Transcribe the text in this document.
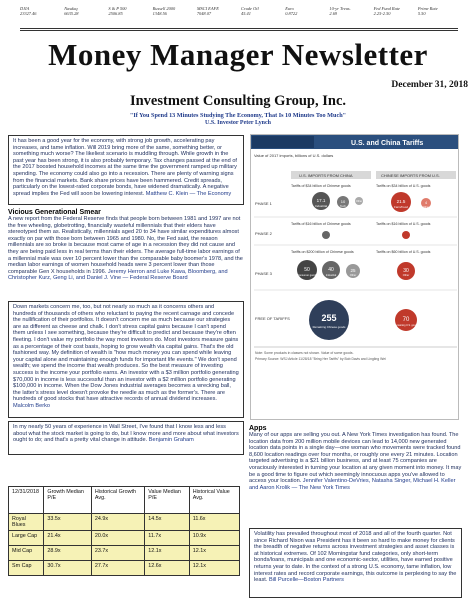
DJIA
23327.46
Nasdaq
6635.28
S & P 500
2506.85
Russell 2000
1348.56
MSCI EAFE
7048.07
Crude Oil
45.41
Euro
0.8722
10-yr Treas.
2.69
Fed Fund Rate
2.25-2.50
Prime Rate
5.50
Money Manager Newsletter
December 31, 2018
Investment Consulting Group, Inc.
"If You Spend 13 Minutes Studying The Economy, That Is 10 Minutes Too Much"
U.S. Investor Peter Lynch
It has been a good year for the economy, with strong job growth, accelerating pay increases, and tame inflation. Will 2019 bring more of the same, something better, or something much worse? The likeliest scenario is muddling through. While growth in the past year has been strong, it is also probably temporary. Tax changes passed at the end of the 2017 boosted household incomes at the same time the government ramped up military spending. The economy could also go into a recession. There are plenty of warning signs from the financial markets. Bank share prices have been hammered. Credit spreads, particularly on the lowest-rated corporate bonds, have widened dramatically. A negative spread implies the Fed will soon be lowering interest. Matthew C. Klein — The Economy
Vicious Generational Smear
A new report from the Federal Reserve finds that people born between 1981 and 1997 are not the free wheeling, globetrotting, financially wasteful millennials that their elders have stereotyped them as. Realistically, millennials aged 20 to 34 have similar expenditures almost exactly on par with those born between 1965 and 1980. No, the Fed said, the reason millennials are so broke is because most came of age in a recession they did not cause and they are being paid less in real terms than their elders. The average full-time labor earnings of a millennial male was over 10 percent lower than the comparable baby boomer's 1978, and the median labor earnings of women household heads were 3 percent lower than those comparable Gen X households in 1996. Jeremy Herron and Luke Kawa, Bloomberg, and Christopher Kurz, Geng Li, and Daniel J. Vine — Federal Reserve Board
Down markets concern me, too, but not nearly so much as it concerns others and hundreds of thousands of others who reluctant to paying the recent carnage and concede the nullification of their portfolios. It doesn't concern me as much because our strategies are as different as cheese and chalk. I don't stress capital gains because I can't spend them unless I see something, because they're difficult to predict and because they're often fleeting. I don't value my portfolio the way most investors do. Most investors measure gains as a percentage of their cost basis, hoping to grow wealth via capital gains. That's the old fashioned way. My definition of wealth is "how much money you can spend while leaving your capital alone and maintaining enough funds for important life events." We don't spend wealth; we spend the income that wealth produces. So the best measure of investing success is the income your portfolio earns. An investor with a $3 million portfolio generating $70,000 in income is less successful than an investor with a $2 million portfolio generating $100,000 in income. When the Dow Jones industrial averages becomes a wrecking ball, the latter's stress level doesn't provoke the needle as much as the former's. There are hundreds of good stocks that have attractive records of annual dividend increases. Malcolm Berko
In my nearly 50 years of experience in Wall Street, I've found that I know less and less about what the stock market is going to do, but I know more and more about what investors ought to do; and that's a pretty vital change in attitude. Benjamin Graham
U.S. and China Tariffs
Value of 2017 imports, billions of U.S. dollars
U.S. IMPORTS FROM CHINA	CHINESE IMPORTS FROM U.S.
Tariffs of $34 billion of Chinese goods	Tariffs on $34 billion of U.S. goods
PHASE 1
17.1
Industrial
10
Tech
Other	21.5
Farm/Food
4
Other
Tariffs of $16 billion of Chinese goods	Tariffs on $16 billion of U.S. goods
PHASE 2
Tariffs on $200 billion of Chinese goods	Tariffs on $60 billion of U.S. goods
PHASE 3
50
Consumer goods
40
Industrial
25
Other
30
Other
FREE OF TARIFFS	255
Remaining Chinese goods
70
Remaining U.S. goods
Note: Some products in classes not shown. Value of some goods.
Primary Source: WSJ Article 11/28/18 "Bring Her Tariffs" by Bob Davis and Lingling Wei
Apps
Many of our apps are selling you out. A New York Times investigation has found. The location data from 200 million mobile devices can lead to 14,000 new generated location data points in a single day—one woman who movements were tracked found 8,600 location readings over four months, or roughly one every 21 minutes. Location targeted advertising is a $21 billion business, and at least 75 companies are voraciously interested in turning your location at any given moment into money. It may be a good time to figure out which seemingly innocuous apps you've allowed to access your location. Jennifer Valentino-DeVries, Natasha Singer, Michael H. Keller and Aaron Krolik — The New York Times
Volatility has prevailed throughout most of 2018 and all of the fourth quarter. Not since Richard Nixon was President has it been so hard to make money for clients the breadth of negative returns across investment strategies and asset classes is at historical extremes. Of 102 Morningstar fund categories, only short-term bonds/loans, municipals and one economic-sector, utilities, have earned positive returns year to date. In the context of a strong U.S. economy, tame inflation, low interest rates and record corporate earnings, this outcome is perplexing to say the least. Bill Purcelle—Boston Partners
12/31/2018	Growth Median P/E	Historical Growth Avg.	Value Median P/E	Historical Value Avg.
Royal Blues	33.5x	24.9x	14.5x	11.6x
Large Cap	21.4x	20.0x	11.7x	10.9x
Mid Cap	28.9x	23.7x	12.1x	12.1x
Sm Cap	30.7x	27.7x	12.6x	12.1x
